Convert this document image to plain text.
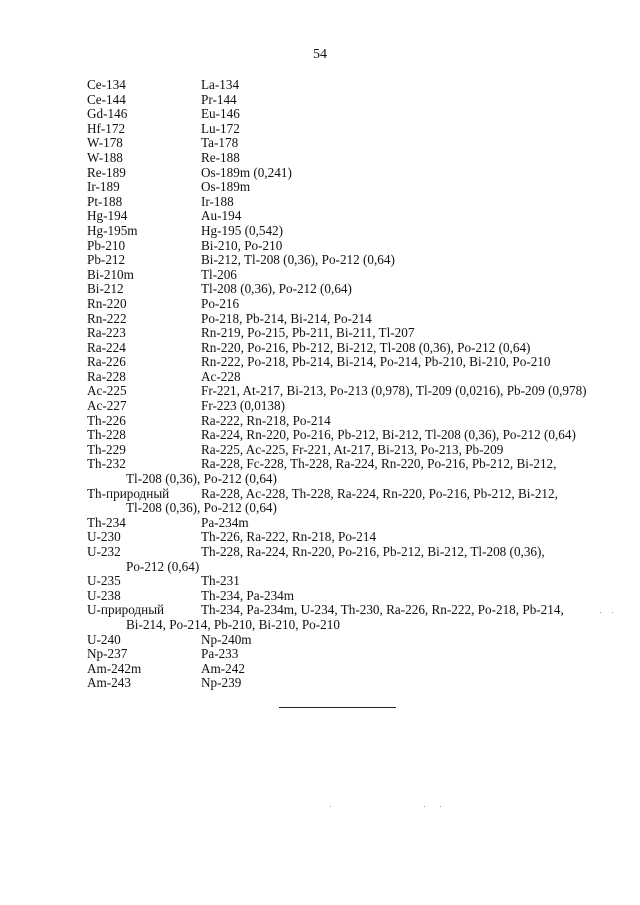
54
Ce-134	La-134
Ce-144	Pr-144
Gd-146	Eu-146
Hf-172	Lu-172
W-178	Ta-178
W-188	Re-188
Re-189	Os-189m (0,241)
Ir-189	Os-189m
Pt-188	Ir-188
Hg-194	Au-194
Hg-195m	Hg-195 (0,542)
Pb-210	Bi-210, Po-210
Pb-212	Bi-212, Tl-208 (0,36), Po-212 (0,64)
Bi-210m	Tl-206
Bi-212	Tl-208 (0,36), Po-212 (0,64)
Rn-220	Po-216
Rn-222	Po-218, Pb-214, Bi-214, Po-214
Ra-223	Rn-219, Po-215, Pb-211, Bi-211, Tl-207
Ra-224	Rn-220, Po-216, Pb-212, Bi-212, Tl-208 (0,36), Po-212 (0,64)
Ra-226	Rn-222, Po-218, Pb-214, Bi-214, Po-214, Pb-210, Bi-210, Po-210
Ra-228	Ac-228
Ac-225	Fr-221, At-217, Bi-213, Po-213 (0,978), Tl-209 (0,0216), Pb-209 (0,978)
Ac-227	Fr-223 (0,0138)
Th-226	Ra-222, Rn-218, Po-214
Th-228	Ra-224, Rn-220, Po-216, Pb-212, Bi-212, Tl-208 (0,36), Po-212 (0,64)
Th-229	Ra-225, Ac-225, Fr-221, At-217, Bi-213, Po-213, Pb-209
Th-232	Ra-228, Fc-228, Th-228, Ra-224, Rn-220, Po-216, Pb-212, Bi-212,
Tl-208 (0,36), Po-212 (0,64)
Th-природный Ra-228, Ac-228, Th-228, Ra-224, Rn-220, Po-216, Pb-212, Bi-212,
Tl-208 (0,36), Po-212 (0,64)
Th-234	Pa-234m
U-230	Th-226, Ra-222, Rn-218, Po-214
U-232	Th-228, Ra-224, Rn-220, Po-216, Pb-212, Bi-212, Tl-208 (0,36),
Po-212 (0,64)
U-235	Th-231
U-238	Th-234, Pa-234m
U-природный	Th-234, Pa-234m, U-234, Th-230, Ra-226, Rn-222, Po-218, Pb-214,
Bi-214, Po-214, Pb-210, Bi-210, Po-210
U-240	Np-240m
Np-237	Pa-233
Am-242m	Am-242
Am-243	Np-239
